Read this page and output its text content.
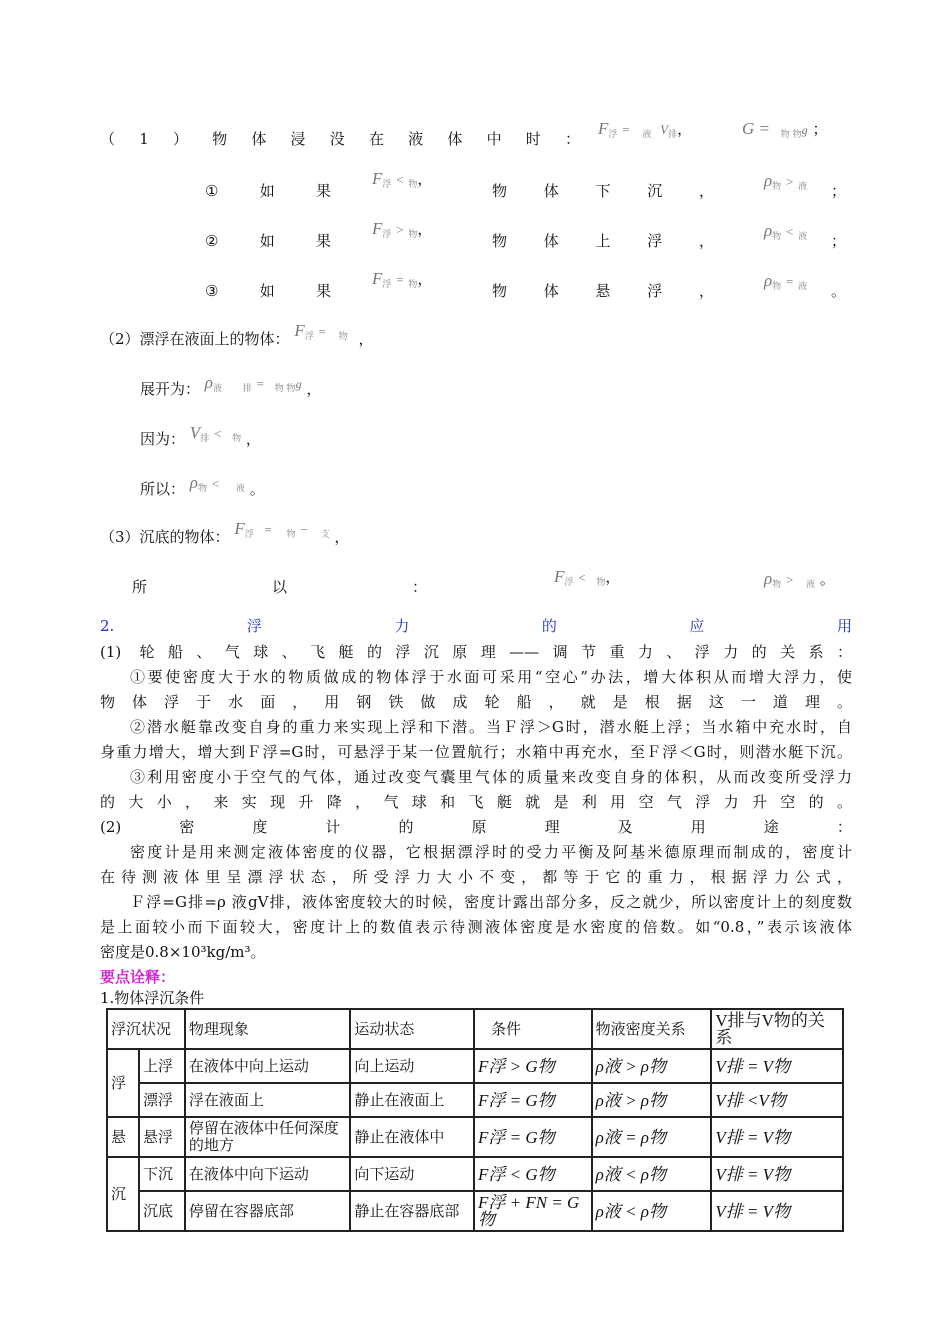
（ 1 ） 物 体 浸 没 在 液 体 中 时 ：
$F_浮 = _液$ $V_排$，	G = $_{物 物}$g ；
①	如	果
$F_浮 < _物$，
物 体 下 沉 ，
$\rho_物 > _液$ ；
②	如	果
$F_浮 > _物$，
物 体 上 浮 ，
$\rho_物 < _液$ ；
③	如	果
$F_浮 = _物$，
物 体 悬 浮 ，
$\rho_物 = _液$ 。
（2）漂浮在液面上的物体： $F_浮 = _物$ ，
展开为： $\rho_液$ $_排$ = $_{物 物}$g ，
因为： $V_排 < _物$ ，
所以： $\rho_物 < _液$ 。
（3）沉底的物体： $F_浮 = _物 - _支$ ，
所	以	：
$F_浮 < _物$，	$\rho_物 > _液$ 。
2.	浮	力	的	应	用
(1) 轮船、气球、飞艇的浮沉原理——调节重力、浮力的关系：
①要使密度大于水的物质做成的物体浮于水面可采用“空心”办法，增大体积从而增大浮力，使
物体浮于水面，用钢铁做成轮船，就是根据这一道理。
②潜水艇靠改变自身的重力来实现上浮和下潜。当Ｆ浮＞G时，潜水艇上浮；当水箱中充水时，自
身重力增大，增大到Ｆ浮=G时，可悬浮于某一位置航行；水箱中再充水，至Ｆ浮＜G时，则潜水艇下沉。
③利用密度小于空气的气体，通过改变气囊里气体的质量来改变自身的体积，从而改变所受浮力
的大小，来实现升降，气球和飞艇就是利用空气浮力升空的。
(2)	密	度	计	的	原	理	及	用	途	：
密度计是用来测定液体密度的仪器，它根据漂浮时的受力平衡及阿基米德原理而制成的，密度计
在待测液体里呈漂浮状态，所受浮力大小不变，都等于它的重力，根据浮力公式，
Ｆ浮=G排=ρ 液gV排，液体密度较大的时候，密度计露出部分多，反之就少，所以密度计上的刻度数
是上面较小而下面较大，密度计上的数值表示待测液体密度是水密度的倍数。如“0.8，”表示该液体
密度是0.8×10³kg/m³。
要点诠释：
1.物体浮沉条件
浮沉状况		物理现象	运动状态	条件	物液密度关系	V排与V物的关系
浮	上浮	在液体中向上运动	向上运动	F浮 > G物	ρ液 > ρ物	V排 = V物
	漂浮	浮在液面上	静止在液面上	F浮 = G物	ρ液 > ρ物	V排 <V物
悬	悬浮	停留在液体中任何深度的地方	静止在液体中	F浮 = G物	ρ液 = ρ物	V排 = V物
沉	下沉	在液体中向下运动	向下运动	F浮 < G物	ρ液 < ρ物	V排 = V物
	沉底	停留在容器底部	静止在容器底部	F浮 + FN = G物	ρ液 < ρ物	V排 = V物
